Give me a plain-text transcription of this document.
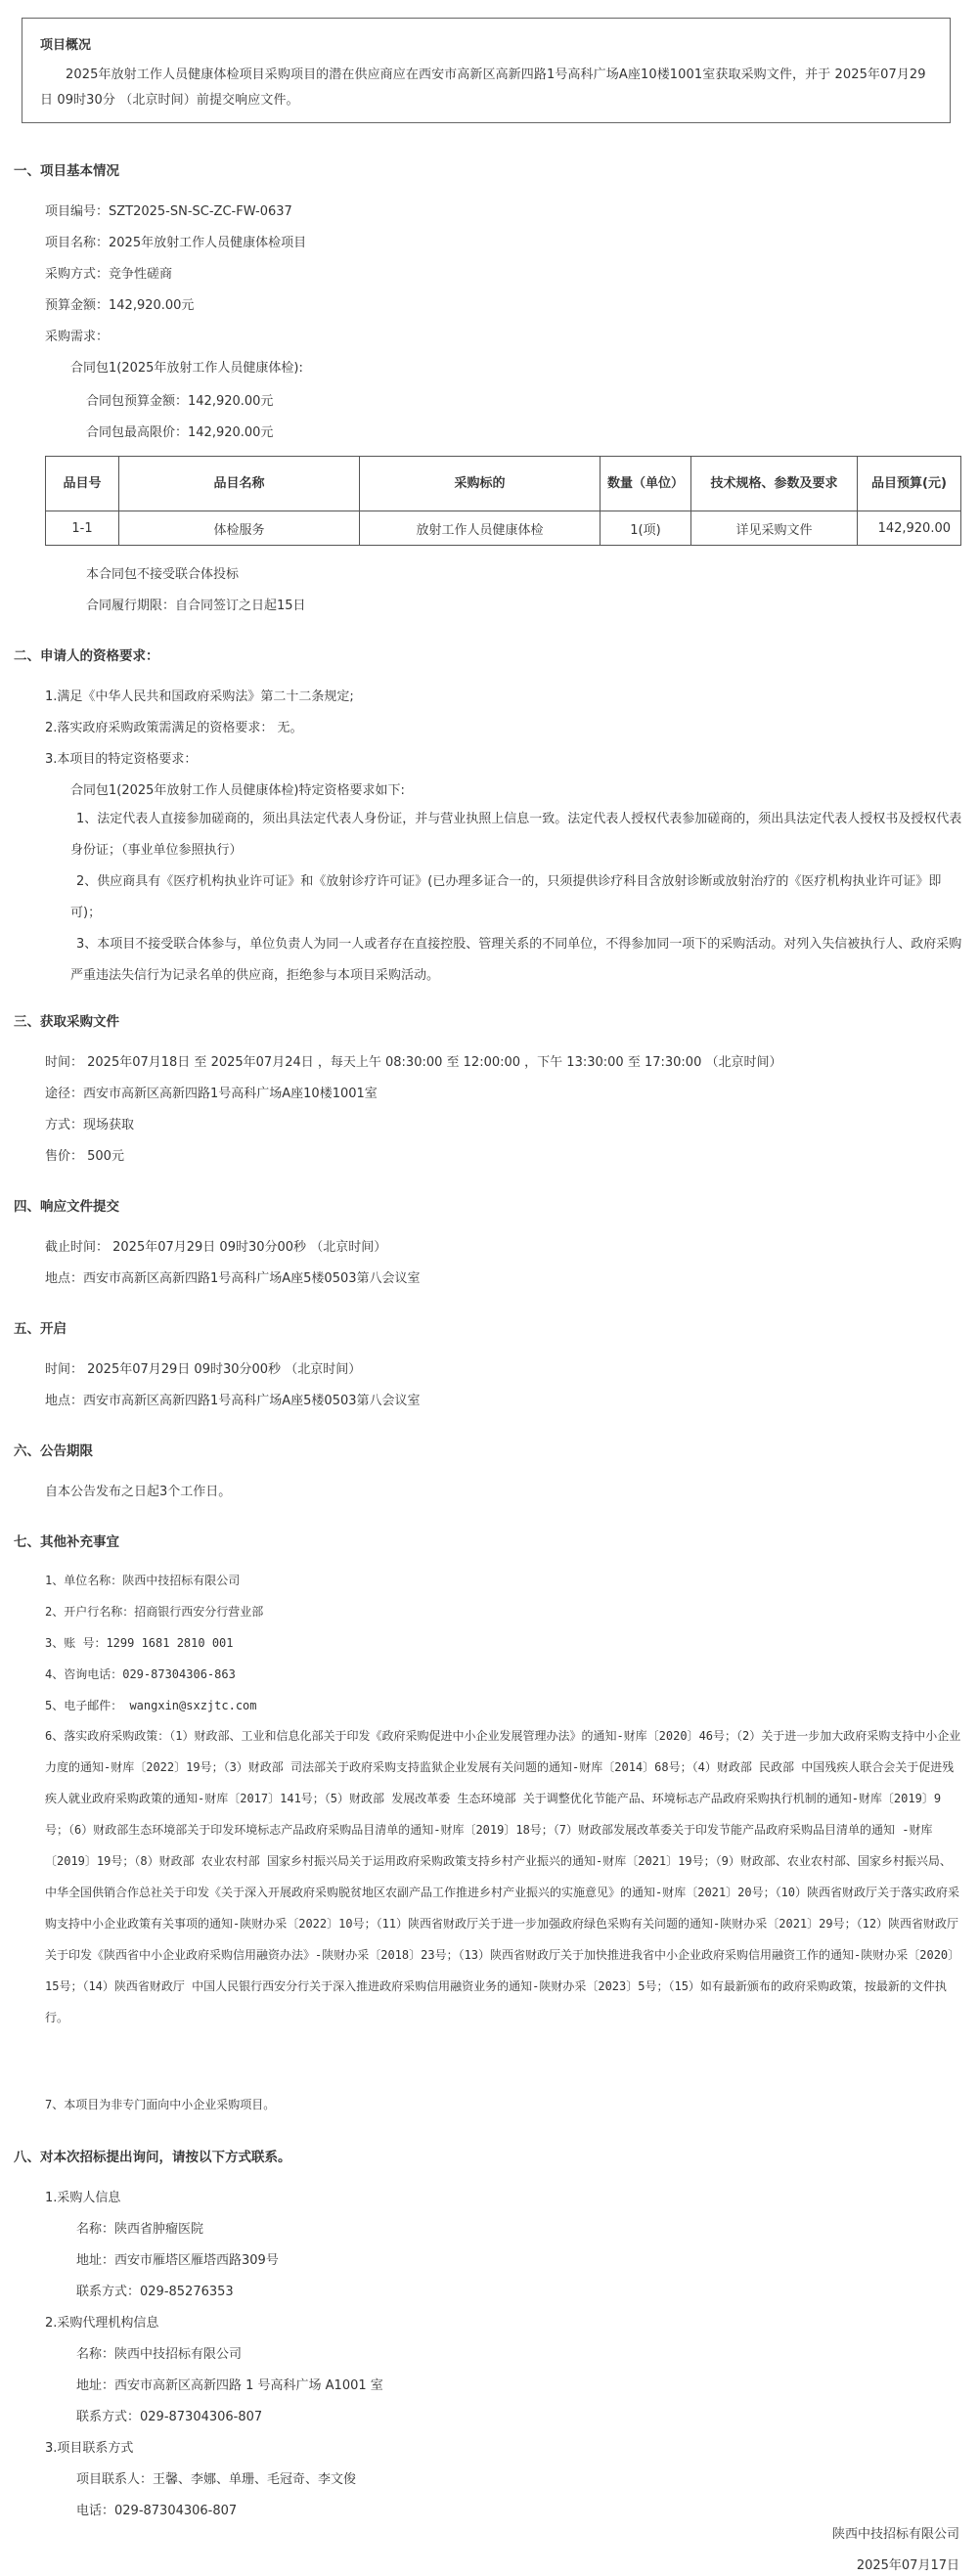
项目概况

2025年放射工作人员健康体检项目采购项目的潜在供应商应在西安市高新区高新四路1号高科广场A座10楼1001室获取采购文件，并于 2025年07月29日 09时30分 （北京时间）前提交响应文件。

一、项目基本情况
项目编号：SZT2025-SN-SC-ZC-FW-0637
项目名称：2025年放射工作人员健康体检项目
采购方式：竞争性磋商
预算金额：142,920.00元
采购需求：
合同包1(2025年放射工作人员健康体检):
合同包预算金额：142,920.00元
合同包最高限价：142,920.00元
品目号	品目名称	采购标的	数量（单位）	技术规格、参数及要求	品目预算(元)
1-1	体检服务	放射工作人员健康体检	1(项)	详见采购文件	142,920.00
本合同包不接受联合体投标
合同履行期限：自合同签订之日起15日
二、申请人的资格要求：
1.满足《中华人民共和国政府采购法》第二十二条规定;
2.落实政府采购政策需满足的资格要求： 无。
3.本项目的特定资格要求：
合同包1(2025年放射工作人员健康体检)特定资格要求如下:
1、法定代表人直接参加磋商的，须出具法定代表人身份证，并与营业执照上信息一致。法定代表人授权代表参加磋商的，须出具法定代表人授权书及授权代表身份证；（事业单位参照执行）
2、供应商具有《医疗机构执业许可证》和《放射诊疗许可证》(已办理多证合一的，只须提供诊疗科目含放射诊断或放射治疗的《医疗机构执业许可证》即可)；
3、本项目不接受联合体参与，单位负责人为同一人或者存在直接控股、管理关系的不同单位，不得参加同一项下的采购活动。对列入失信被执行人、政府采购严重违法失信行为记录名单的供应商，拒绝参与本项目采购活动。
三、获取采购文件
时间： 2025年07月18日 至 2025年07月24日 ，每天上午 08:30:00 至 12:00:00 ，下午 13:30:00 至 17:30:00 （北京时间）
途径：西安市高新区高新四路1号高科广场A座10楼1001室
方式：现场获取
售价： 500元
四、响应文件提交
截止时间： 2025年07月29日 09时30分00秒 （北京时间）
地点：西安市高新区高新四路1号高科广场A座5楼0503第八会议室
五、开启
时间： 2025年07月29日 09时30分00秒 （北京时间）
地点：西安市高新区高新四路1号高科广场A座5楼0503第八会议室
六、公告期限
自本公告发布之日起3个工作日。
七、其他补充事宜
1、单位名称：陕西中技招标有限公司
2、开户行名称：招商银行西安分行营业部
3、账 号：1299 1681 2810 001
4、咨询电话：029-87304306-863
5、电子邮件： wangxin@sxzjtc.com
6、落实政府采购政策：（1）财政部、工业和信息化部关于印发《政府采购促进中小企业发展管理办法》的通知-财库〔2020〕46号；（2）关于进一步加大政府采购支持中小企业力度的通知-财库〔2022〕19号；（3）财政部 司法部关于政府采购支持监狱企业发展有关问题的通知-财库〔2014〕68号；（4）财政部 民政部 中国残疾人联合会关于促进残疾人就业政府采购政策的通知-财库〔2017〕141号；（5）财政部 发展改革委 生态环境部 关于调整优化节能产品、环境标志产品政府采购执行机制的通知-财库〔2019〕9号；（6）财政部生态环境部关于印发环境标志产品政府采购品目清单的通知-财库〔2019〕18号；（7）财政部发展改革委关于印发节能产品政府采购品目清单的通知 -财库〔2019〕19号；（8）财政部 农业农村部 国家乡村振兴局关于运用政府采购政策支持乡村产业振兴的通知-财库〔2021〕19号；（9）财政部、农业农村部、国家乡村振兴局、中华全国供销合作总社关于印发《关于深入开展政府采购脱贫地区农副产品工作推进乡村产业振兴的实施意见》的通知-财库〔2021〕20号；（10）陕西省财政厅关于落实政府采购支持中小企业政策有关事项的通知-陕财办采〔2022〕10号；（11）陕西省财政厅关于进一步加强政府绿色采购有关问题的通知-陕财办采〔2021〕29号；（12）陕西省财政厅关于印发《陕西省中小企业政府采购信用融资办法》-陕财办采〔2018〕23号；（13）陕西省财政厅关于加快推进我省中小企业政府采购信用融资工作的通知-陕财办采〔2020〕15号；（14）陕西省财政厅 中国人民银行西安分行关于深入推进政府采购信用融资业务的通知-陕财办采〔2023〕5号；（15）如有最新颁布的政府采购政策，按最新的文件执行。
7、本项目为非专门面向中小企业采购项目。
八、对本次招标提出询问，请按以下方式联系。
1.采购人信息
名称：陕西省肿瘤医院
地址：西安市雁塔区雁塔西路309号
联系方式：029-85276353
2.采购代理机构信息
名称：陕西中技招标有限公司
地址：西安市高新区高新四路 1 号高科广场 A1001 室
联系方式：029-87304306-807
3.项目联系方式
项目联系人：王馨、李娜、单珊、毛冠奇、李文俊
电话：029-87304306-807
陕西中技招标有限公司
2025年07月17日
